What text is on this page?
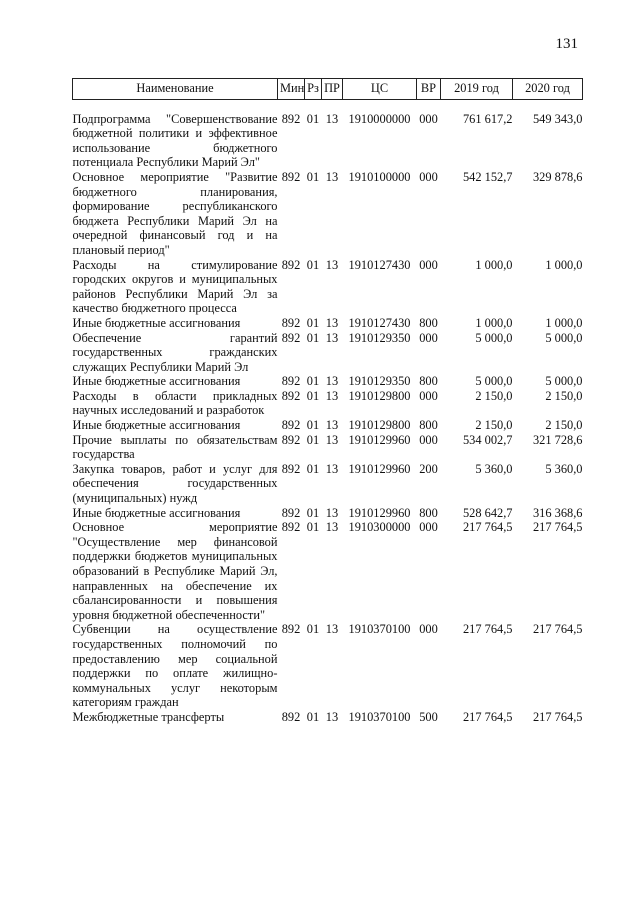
131
Наименование	Мин	Рз	ПР	ЦС	ВР	2019 год	2020 год
Подпрограмма "Совершенствование бюджетной политики и эффективное использование бюджетного потенциала Республики Марий Эл"	892	01	13	1910000000	000	761 617,2	549 343,0
Основное мероприятие "Развитие бюджетного планирования, формирование республиканского бюджета Республики Марий Эл на очередной финансовый год и на плановый период"	892	01	13	1910100000	000	542 152,7	329 878,6
Расходы на стимулирование городских округов и муниципальных районов Республики Марий Эл за качество бюджетного процесса	892	01	13	1910127430	000	1 000,0	1 000,0
Иные бюджетные ассигнования	892	01	13	1910127430	800	1 000,0	1 000,0
Обеспечение гарантий государственных гражданских служащих Республики Марий Эл	892	01	13	1910129350	000	5 000,0	5 000,0
Иные бюджетные ассигнования	892	01	13	1910129350	800	5 000,0	5 000,0
Расходы в области прикладных научных исследований и разработок	892	01	13	1910129800	000	2 150,0	2 150,0
Иные бюджетные ассигнования	892	01	13	1910129800	800	2 150,0	2 150,0
Прочие выплаты по обязательствам государства	892	01	13	1910129960	000	534 002,7	321 728,6
Закупка товаров, работ и услуг для обеспечения государственных (муниципальных) нужд	892	01	13	1910129960	200	5 360,0	5 360,0
Иные бюджетные ассигнования	892	01	13	1910129960	800	528 642,7	316 368,6
Основное мероприятие "Осуществление мер финансовой поддержки бюджетов муниципальных образований в Республике Марий Эл, направленных на обеспечение их сбалансированности и повышения уровня бюджетной обеспеченности"	892	01	13	1910300000	000	217 764,5	217 764,5
Субвенции на осуществление государственных полномочий по предоставлению мер социальной поддержки по оплате жилищно-коммунальных услуг некоторым категориям граждан	892	01	13	1910370100	000	217 764,5	217 764,5
Межбюджетные трансферты	892	01	13	1910370100	500	217 764,5	217 764,5
